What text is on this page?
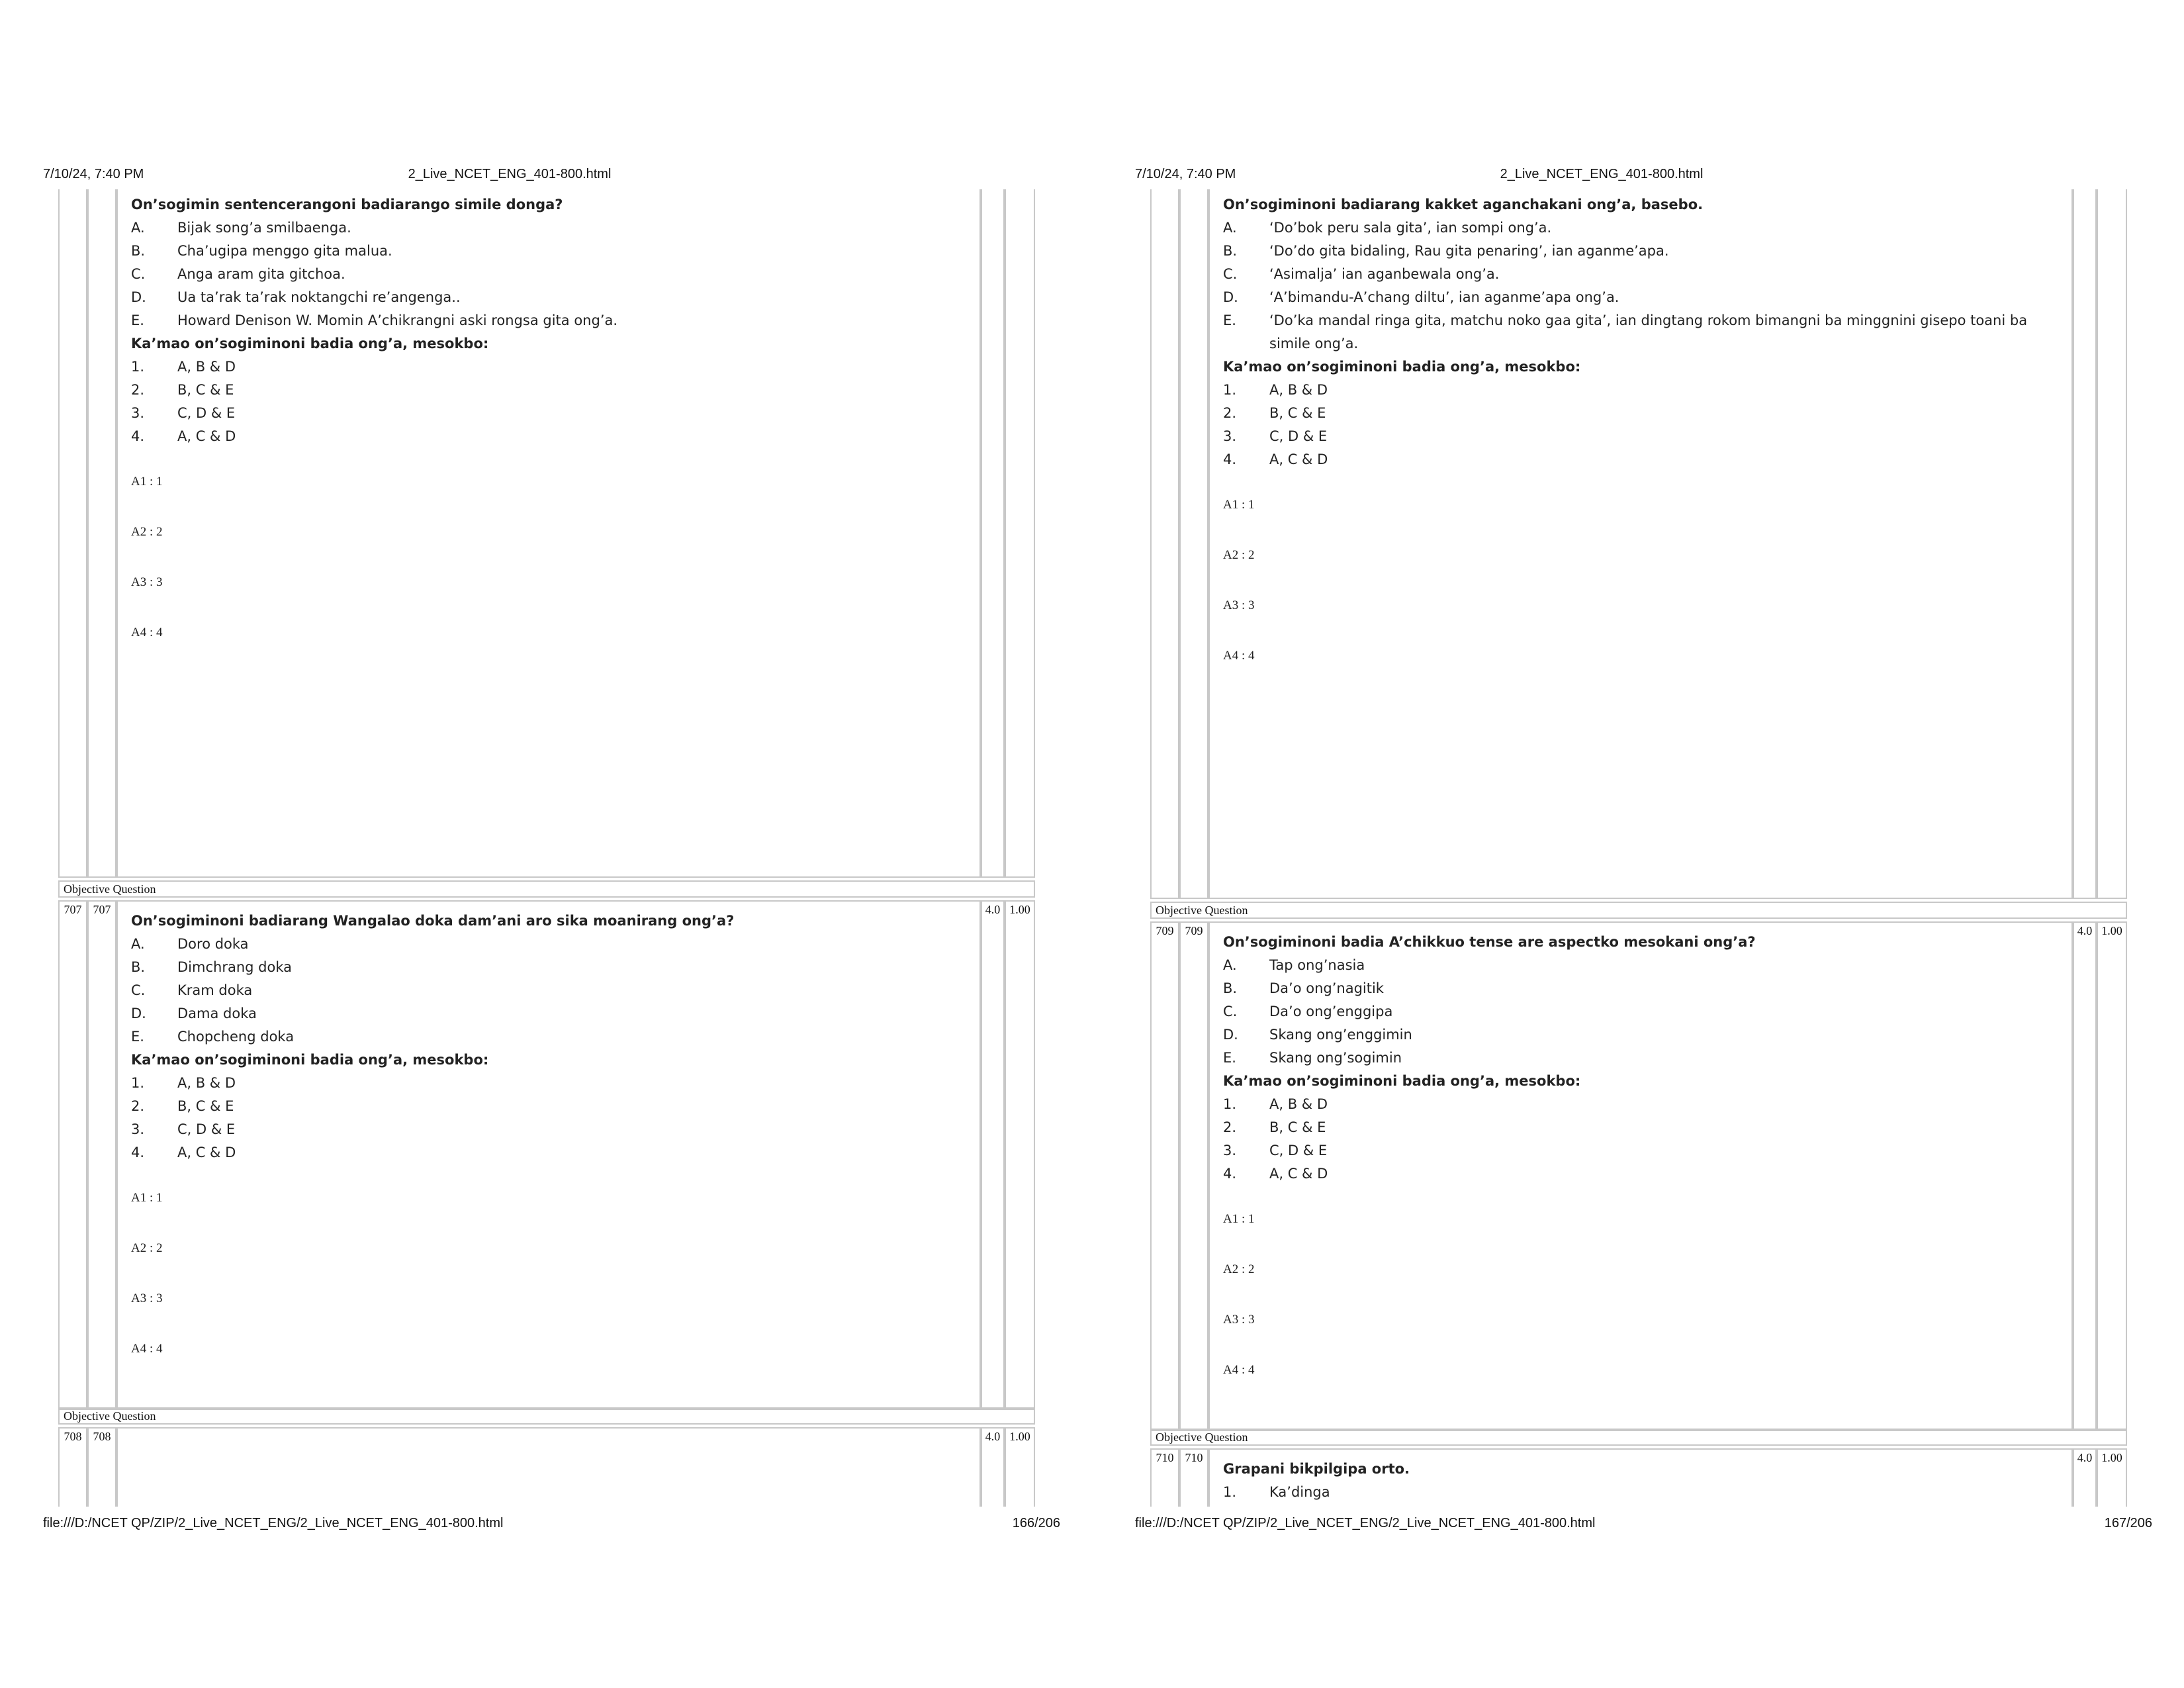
7/10/24, 7:40 PM	2_Live_NCET_ENG_401-800.html
On’sogimin sentencerangoni badiarango simile donga?
A. Bijak song’a smilbaenga.
B. Cha’ugipa menggo gita malua.
C. Anga aram gita gitchoa.
D. Ua ta’rak ta’rak noktangchi re’angenga..
E. Howard Denison W. Momin A’chikrangni aski rongsa gita ong’a.
Ka’mao on’sogiminoni badia ong’a, mesokbo:
1. A, B & D
2. B, C & E
3. C, D & E
4. A, C & D
A1 : 1
A2 : 2
A3 : 3
A4 : 4
Objective Question
707 707	4.0 1.00
On’sogiminoni badiarang Wangalao doka dam’ani aro sika moanirang ong’a?
A. Doro doka
B. Dimchrang doka
C. Kram doka
D. Dama doka
E. Chopcheng doka
Ka’mao on’sogiminoni badia ong’a, mesokbo:
1. A, B & D
2. B, C & E
3. C, D & E
4. A, C & D
A1 : 1
A2 : 2
A3 : 3
A4 : 4
Objective Question
708 708	4.0 1.00
file:///D:/NCET QP/ZIP/2_Live_NCET_ENG/2_Live_NCET_ENG_401-800.html	166/206
7/10/24, 7:40 PM	2_Live_NCET_ENG_401-800.html
On’sogiminoni badiarang kakket aganchakani ong’a, basebo.
A. ‘Do’bok peru sala gita’, ian sompi ong’a.
B. ‘Do’do gita bidaling, Rau gita penaring’, ian aganme’apa.
C. ‘Asimalja’ ian aganbewala ong’a.
D. ‘A’bimandu-A’chang diltu’, ian aganme’apa ong’a.
E. ‘Do’ka mandal ringa gita, matchu noko gaa gita’, ian dingtang rokom bimangni ba minggnini gisepo toani ba simile ong’a.
Ka’mao on’sogiminoni badia ong’a, mesokbo:
1. A, B & D
2. B, C & E
3. C, D & E
4. A, C & D
A1 : 1
A2 : 2
A3 : 3
A4 : 4
Objective Question
709 709	4.0 1.00
On’sogiminoni badia A’chikkuo tense are aspectko mesokani ong’a?
A. Tap ong’nasia
B. Da’o ong’nagitik
C. Da’o ong’enggipa
D. Skang ong’enggimin
E. Skang ong’sogimin
Ka’mao on’sogiminoni badia ong’a, mesokbo:
1. A, B & D
2. B, C & E
3. C, D & E
4. A, C & D
A1 : 1
A2 : 2
A3 : 3
A4 : 4
Objective Question
710 710	4.0 1.00
Grapani bikpilgipa orto.
1. Ka’dinga
file:///D:/NCET QP/ZIP/2_Live_NCET_ENG/2_Live_NCET_ENG_401-800.html	167/206
